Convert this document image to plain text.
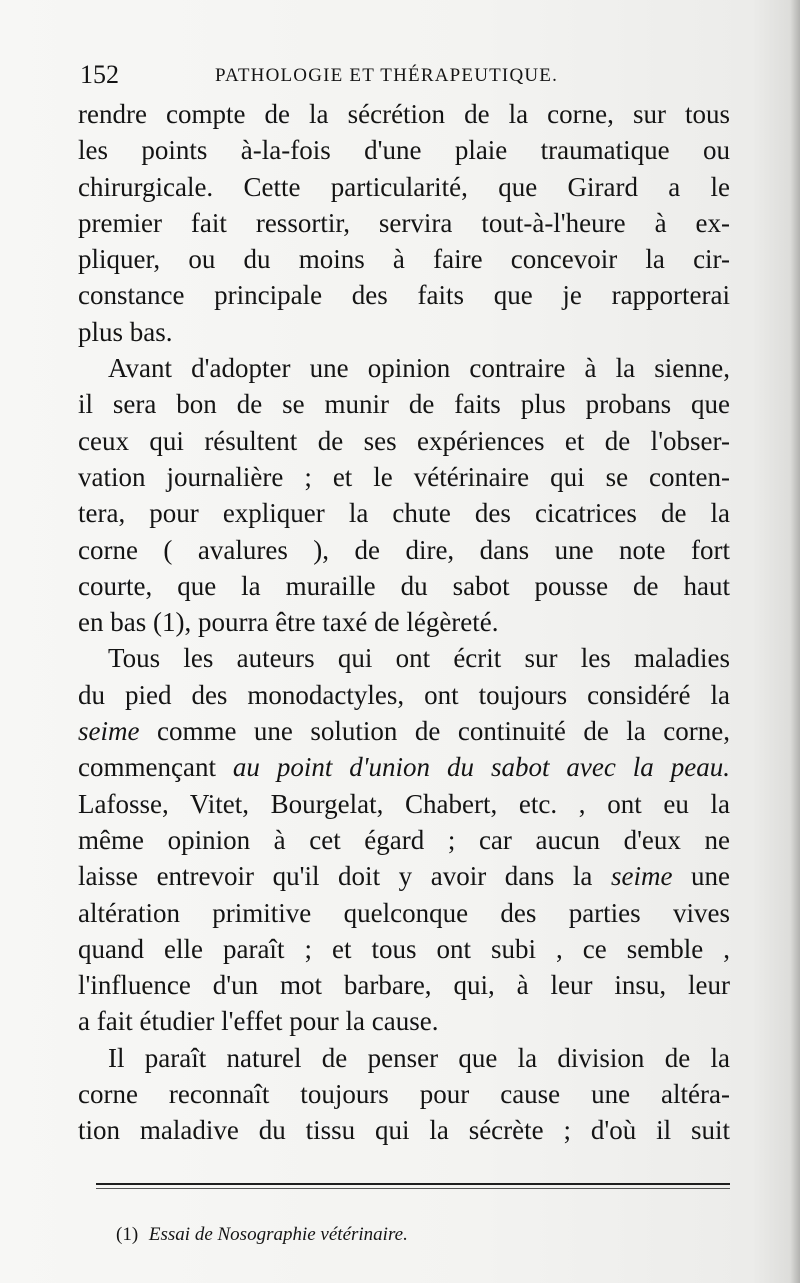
152	PATHOLOGIE ET THÉRAPEUTIQUE.
rendre compte de la sécrétion de la corne, sur tous
les points à-la-fois d'une plaie traumatique ou
chirurgicale. Cette particularité, que Girard a le
premier fait ressortir, servira tout-à-l'heure à ex-
pliquer, ou du moins à faire concevoir la cir-
constance principale des faits que je rapporterai
plus bas.
Avant d'adopter une opinion contraire à la sienne,
il sera bon de se munir de faits plus probans que
ceux qui résultent de ses expériences et de l'obser-
vation journalière ; et le vétérinaire qui se conten-
tera, pour expliquer la chute des cicatrices de la
corne ( avalures ), de dire, dans une note fort
courte, que la muraille du sabot pousse de haut
en bas (1), pourra être taxé de légèreté.
Tous les auteurs qui ont écrit sur les maladies
du pied des monodactyles, ont toujours considéré la
seime comme une solution de continuité de la corne,
commençant au point d'union du sabot avec la peau.
Lafosse, Vitet, Bourgelat, Chabert, etc. , ont eu la
même opinion à cet égard ; car aucun d'eux ne
laisse entrevoir qu'il doit y avoir dans la seime une
altération primitive quelconque des parties vives
quand elle paraît ; et tous ont subi , ce semble ,
l'influence d'un mot barbare, qui, à leur insu, leur
a fait étudier l'effet pour la cause.
Il paraît naturel de penser que la division de la
corne reconnaît toujours pour cause une altéra-
tion maladive du tissu qui la sécrète ; d'où il suit
(1) Essai de Nosographie vétérinaire.
